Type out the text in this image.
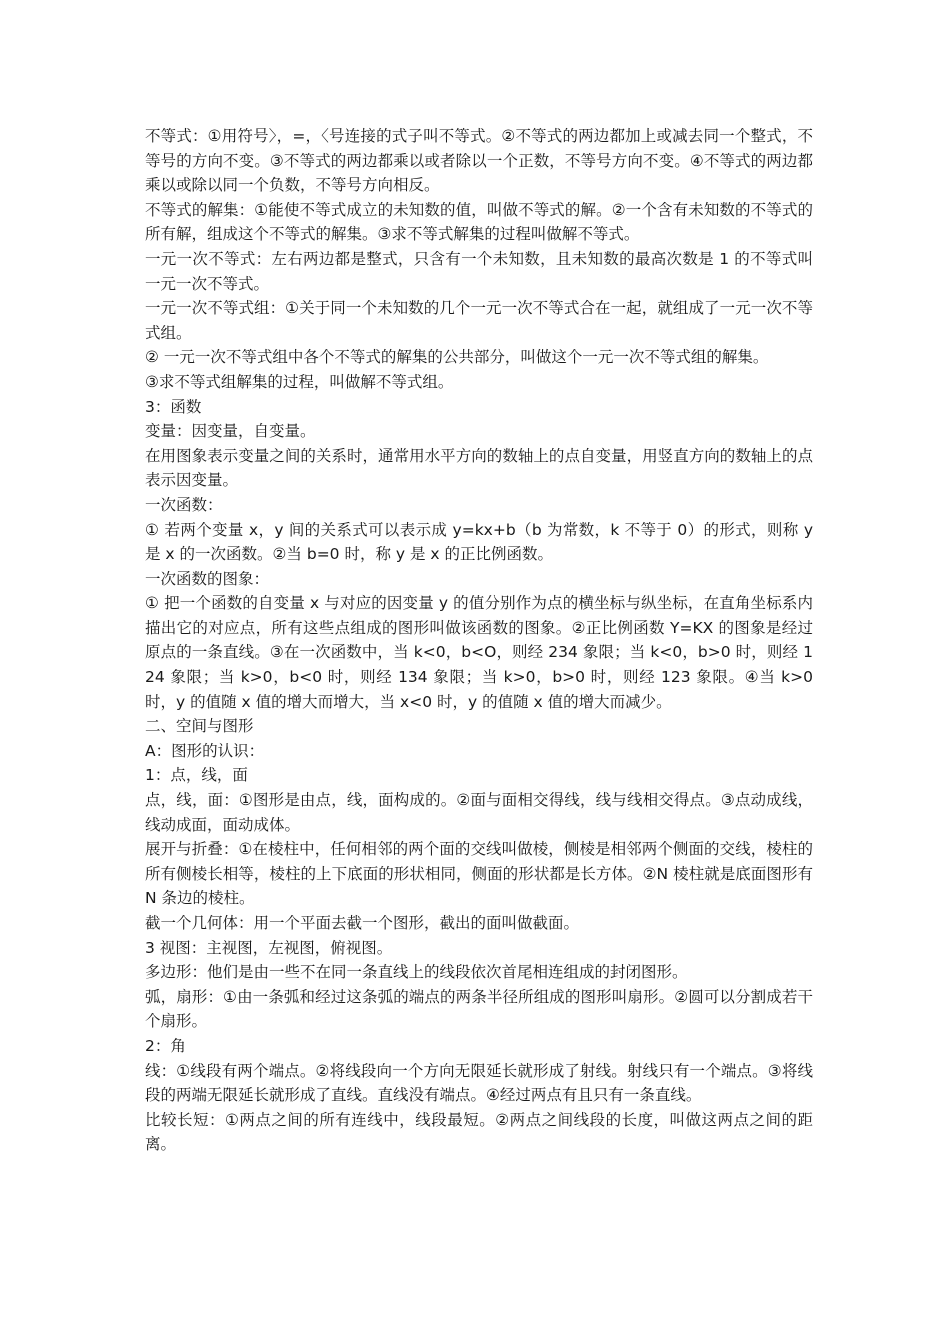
不等式：①用符号〉，=，〈号连接的式子叫不等式。②不等式的两边都加上或减去同一个整式，不等号的方向不变。③不等式的两边都乘以或者除以一个正数，不等号方向不变。④不等式的两边都乘以或除以同一个负数，不等号方向相反。

不等式的解集：①能使不等式成立的未知数的值，叫做不等式的解。②一个含有未知数的不等式的所有解，组成这个不等式的解集。③求不等式解集的过程叫做解不等式。

一元一次不等式：左右两边都是整式，只含有一个未知数，且未知数的最高次数是 1 的不等式叫一元一次不等式。

一元一次不等式组：①关于同一个未知数的几个一元一次不等式合在一起，就组成了一元一次不等式组。

② 一元一次不等式组中各个不等式的解集的公共部分，叫做这个一元一次不等式组的解集。

③求不等式组解集的过程，叫做解不等式组。

3：函数

变量：因变量，自变量。

在用图象表示变量之间的关系时，通常用水平方向的数轴上的点自变量，用竖直方向的数轴上的点表示因变量。

一次函数：

① 若两个变量 x，y 间的关系式可以表示成 y=kx+b（b 为常数，k 不等于 0）的形式，则称 y 是 x 的一次函数。②当 b=0 时，称 y 是 x 的正比例函数。

一次函数的图象：

① 把一个函数的自变量 x 与对应的因变量 y 的值分别作为点的横坐标与纵坐标，在直角坐标系内描出它的对应点，所有这些点组成的图形叫做该函数的图象。②正比例函数 Y=KX 的图象是经过原点的一条直线。③在一次函数中，当 k<0，b<O，则经 234 象限；当 k<0，b>0 时，则经 124 象限；当 k>0，b<0 时，则经 134 象限；当 k>0，b>0 时，则经 123 象限。④当 k>0 时，y 的值随 x 值的增大而增大，当 x<0 时，y 的值随 x 值的增大而减少。

二、空间与图形

A：图形的认识：

1：点，线，面

点，线，面：①图形是由点，线，面构成的。②面与面相交得线，线与线相交得点。③点动成线，线动成面，面动成体。

展开与折叠：①在棱柱中，任何相邻的两个面的交线叫做棱，侧棱是相邻两个侧面的交线，棱柱的所有侧棱长相等，棱柱的上下底面的形状相同，侧面的形状都是长方体。②N 棱柱就是底面图形有 N 条边的棱柱。

截一个几何体：用一个平面去截一个图形，截出的面叫做截面。

3 视图：主视图，左视图，俯视图。

多边形：他们是由一些不在同一条直线上的线段依次首尾相连组成的封闭图形。

弧，扇形：①由一条弧和经过这条弧的端点的两条半径所组成的图形叫扇形。②圆可以分割成若干个扇形。

2：角

线：①线段有两个端点。②将线段向一个方向无限延长就形成了射线。射线只有一个端点。③将线段的两端无限延长就形成了直线。直线没有端点。④经过两点有且只有一条直线。

比较长短：①两点之间的所有连线中，线段最短。②两点之间线段的长度，叫做这两点之间的距离。
